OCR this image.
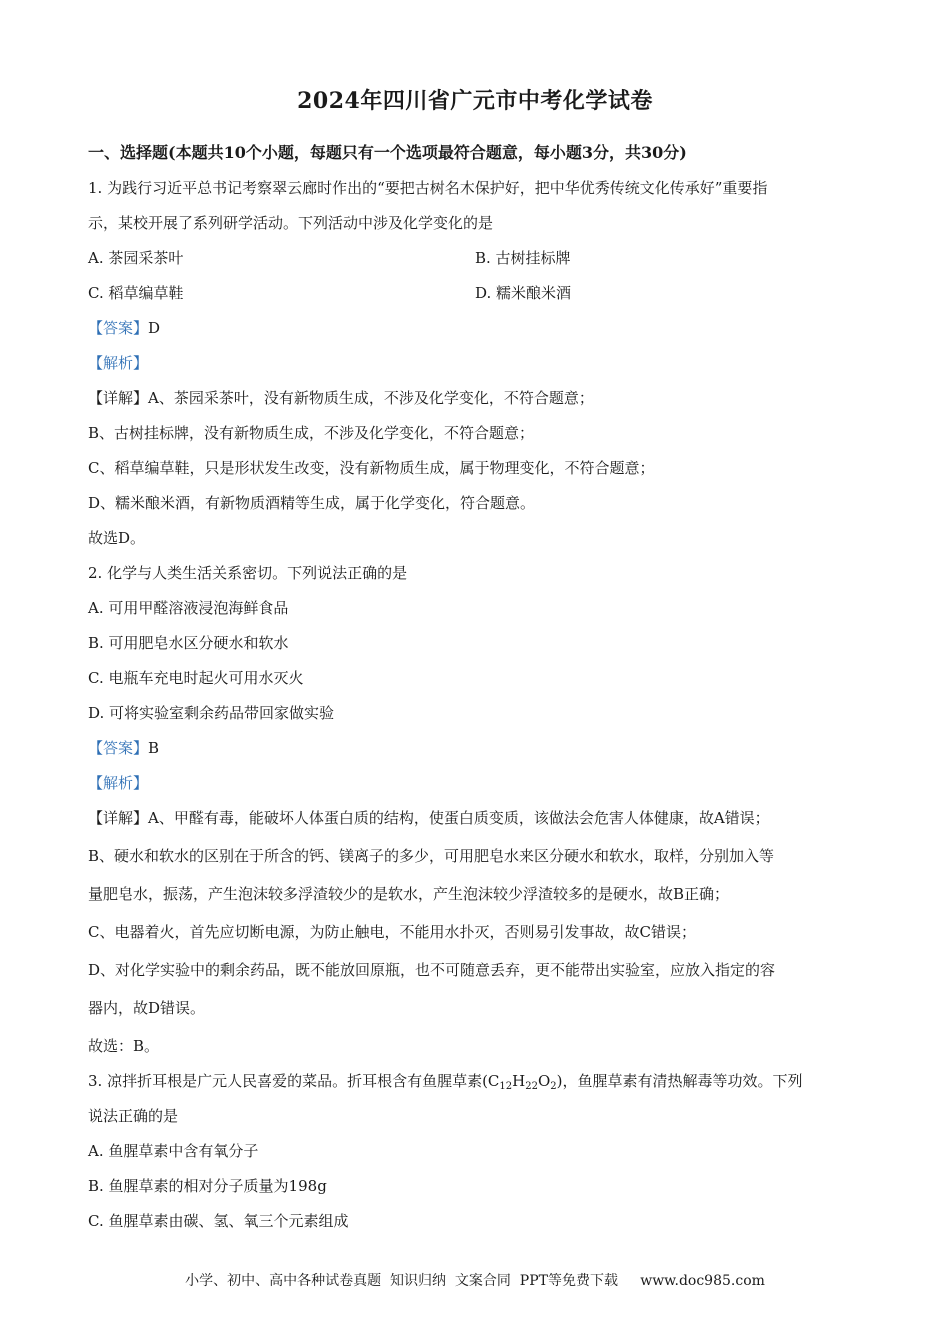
2024年四川省广元市中考化学试卷
一、选择题(本题共10个小题，每题只有一个选项最符合题意，每小题3分，共30分)
1. 为践行习近平总书记考察翠云廊时作出的“要把古树名木保护好，把中华优秀传统文化传承好”重要指
示，某校开展了系列研学活动。下列活动中涉及化学变化的是
A. 茶园采茶叶	B. 古树挂标牌
C. 稻草编草鞋	D. 糯米酿米酒
【答案】D
【解析】
【详解】A、茶园采茶叶，没有新物质生成，不涉及化学变化，不符合题意；
B、古树挂标牌，没有新物质生成，不涉及化学变化，不符合题意；
C、稻草编草鞋，只是形状发生改变，没有新物质生成，属于物理变化，不符合题意；
D、糯米酿米酒，有新物质酒精等生成，属于化学变化，符合题意。
故选D。
2. 化学与人类生活关系密切。下列说法正确的是
A. 可用甲醛溶液浸泡海鲜食品
B. 可用肥皂水区分硬水和软水
C. 电瓶车充电时起火可用水灭火
D. 可将实验室剩余药品带回家做实验
【答案】B
【解析】
【详解】A、甲醛有毒，能破坏人体蛋白质的结构，使蛋白质变质，该做法会危害人体健康，故A错误；
B、硬水和软水的区别在于所含的钙、镁离子的多少，可用肥皂水来区分硬水和软水，取样，分别加入等
量肥皂水，振荡，产生泡沫较多浮渣较少的是软水，产生泡沫较少浮渣较多的是硬水，故B正确；
C、电器着火，首先应切断电源，为防止触电，不能用水扑灭，否则易引发事故，故C错误；
D、对化学实验中的剩余药品，既不能放回原瓶，也不可随意丢弃，更不能带出实验室，应放入指定的容
器内，故D错误。
故选：B。
3. 凉拌折耳根是广元人民喜爱的菜品。折耳根含有鱼腥草素$(C_{12}H_{22}O_2)$，鱼腥草素有清热解毒等功效。下列
说法正确的是
A. 鱼腥草素中含有氧分子
B. 鱼腥草素的相对分子质量为198g
C. 鱼腥草素由碳、氢、氧三个元素组成
小学、初中、高中各种试卷真题  知识归纳  文案合同  PPT等免费下载     www.doc985.com
